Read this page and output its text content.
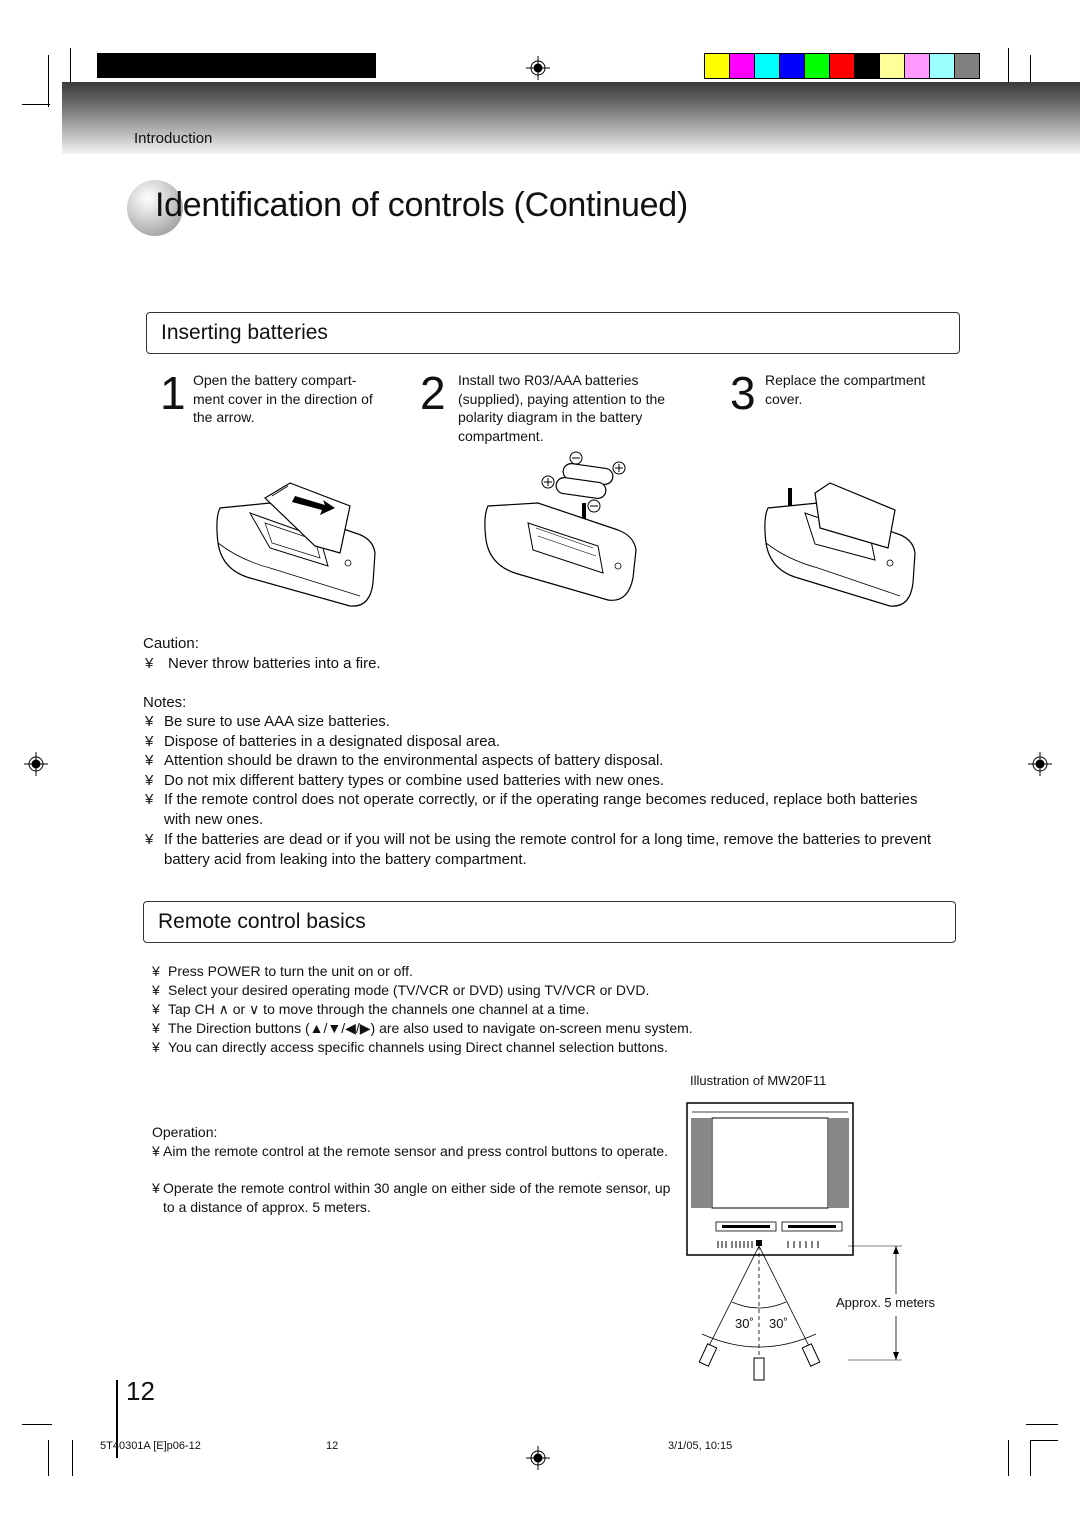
Introduction
Identification of controls (Continued)
Inserting batteries
1 Open the battery compart-
ment cover in the direction of
the arrow.	2 Install two R03/AAA batteries
(supplied), paying attention to the
polarity diagram in the battery
compartment.
3 Replace the compartment
cover.
Caution:
¥ Never throw batteries into a fire.
Notes:
¥ Be sure to use AAA size batteries.
¥ Dispose of batteries in a designated disposal area.
¥ Attention should be drawn to the environmental aspects of battery disposal.
¥ Do not mix different battery types or combine used batteries with new ones.
¥ If the remote control does not operate correctly, or if the operating range becomes reduced, replace both batteries with new ones.
¥ If the batteries are dead or if you will not be using the remote control for a long time, remove the batteries to prevent battery acid from leaking into the battery compartment.
Remote control basics
¥ Press POWER to turn the unit on or off.
¥ Select your desired operating mode (TV/VCR or DVD) using TV/VCR or DVD.
¥ Tap CH ∧ or ∨ to move through the channels one channel at a time.
¥ The Direction buttons (▲/▼/◀/▶) are also used to navigate on-screen menu system.
¥ You can directly access specific channels using Direct channel selection buttons.
Illustration of MW20F11
Operation:
¥ Aim the remote control at the remote sensor and press control buttons to operate.
¥ Operate the remote control within 30 angle on either side of the remote sensor, up to a distance of approx. 5 meters.
Approx. 5 meters
30˚ 30˚
12
5T40301A [E]p06-12	12	3/1/05, 10:15
